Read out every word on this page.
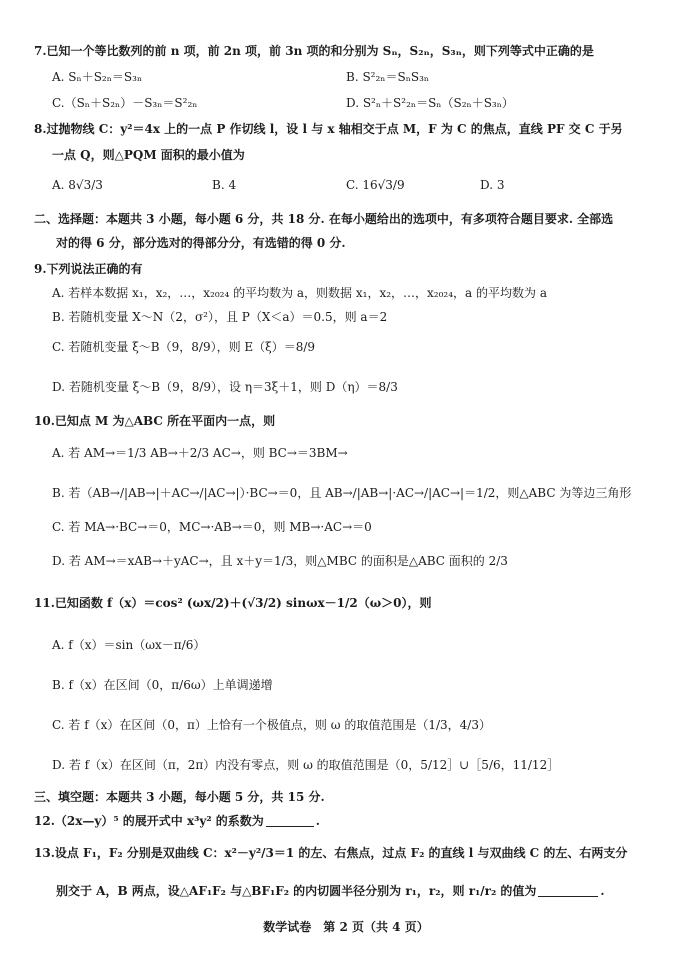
7.已知一个等比数列的前 n 项，前 2n 项，前 3n 项的和分别为 Sₙ，S₂ₙ，S₃ₙ，则下列等式中正确的是
A. Sₙ＋S₂ₙ＝S₃ₙ	B. S²₂ₙ＝SₙS₃ₙ
C.（Sₙ＋S₂ₙ）－S₃ₙ＝S²₂ₙ	D. S²ₙ＋S²₂ₙ＝Sₙ（S₂ₙ＋S₃ₙ）
8.过抛物线 C：y²＝4x 上的一点 P 作切线 l，设 l 与 x 轴相交于点 M，F 为 C 的焦点，直线 PF 交 C 于另
一点 Q，则△PQM 面积的最小值为
A. 8√3/3	B. 4	C. 16√3/9	D. 3
二、选择题：本题共 3 小题，每小题 6 分，共 18 分. 在每小题给出的选项中，有多项符合题目要求. 全部选
对的得 6 分，部分选对的得部分分，有选错的得 0 分.
9.下列说法正确的有
A. 若样本数据 x₁，x₂，…，x₂₀₂₄ 的平均数为 a，则数据 x₁，x₂，…，x₂₀₂₄，a 的平均数为 a
B. 若随机变量 X～N（2，σ²），且 P（X＜a）＝0.5，则 a＝2
C. 若随机变量 ξ～B（9，8/9），则 E（ξ）＝8/9
D. 若随机变量 ξ～B（9，8/9），设 η＝3ξ＋1，则 D（η）＝8/3
10.已知点 M 为△ABC 所在平面内一点，则
A. 若 AM→＝1/3 AB→＋2/3 AC→，则 BC→＝3BM→
B. 若（AB→/|AB→|＋AC→/|AC→|）·BC→＝0，且 AB→/|AB→|·AC→/|AC→|＝1/2，则△ABC 为等边三角形
C. 若 MA→·BC→＝0，MC→·AB→＝0，则 MB→·AC→＝0
D. 若 AM→＝xAB→＋yAC→，且 x＋y＝1/3，则△MBC 的面积是△ABC 面积的 2/3
11.已知函数 f（x）＝cos² (ωx/2)＋(√3/2) sinωx－1/2（ω＞0），则
A. f（x）＝sin（ωx－π/6）
B. f（x）在区间（0，π/6ω）上单调递增
C. 若 f（x）在区间（0，π）上恰有一个极值点，则 ω 的取值范围是（1/3，4/3）
D. 若 f（x）在区间（π，2π）内没有零点，则 ω 的取值范围是（0，5/12］∪［5/6，11/12］
三、填空题：本题共 3 小题，每小题 5 分，共 15 分.
12.（2x—y）⁵ 的展开式中 x³y² 的系数为	.
13.设点 F₁，F₂ 分别是双曲线 C：x²－y²/3＝1 的左、右焦点，过点 F₂ 的直线 l 与双曲线 C 的左、右两支分
别交于 A，B 两点，设△AF₁F₂ 与△BF₁F₂ 的内切圆半径分别为 r₁，r₂，则 r₁/r₂ 的值为	.
数学试卷　第 2 页（共 4 页）
